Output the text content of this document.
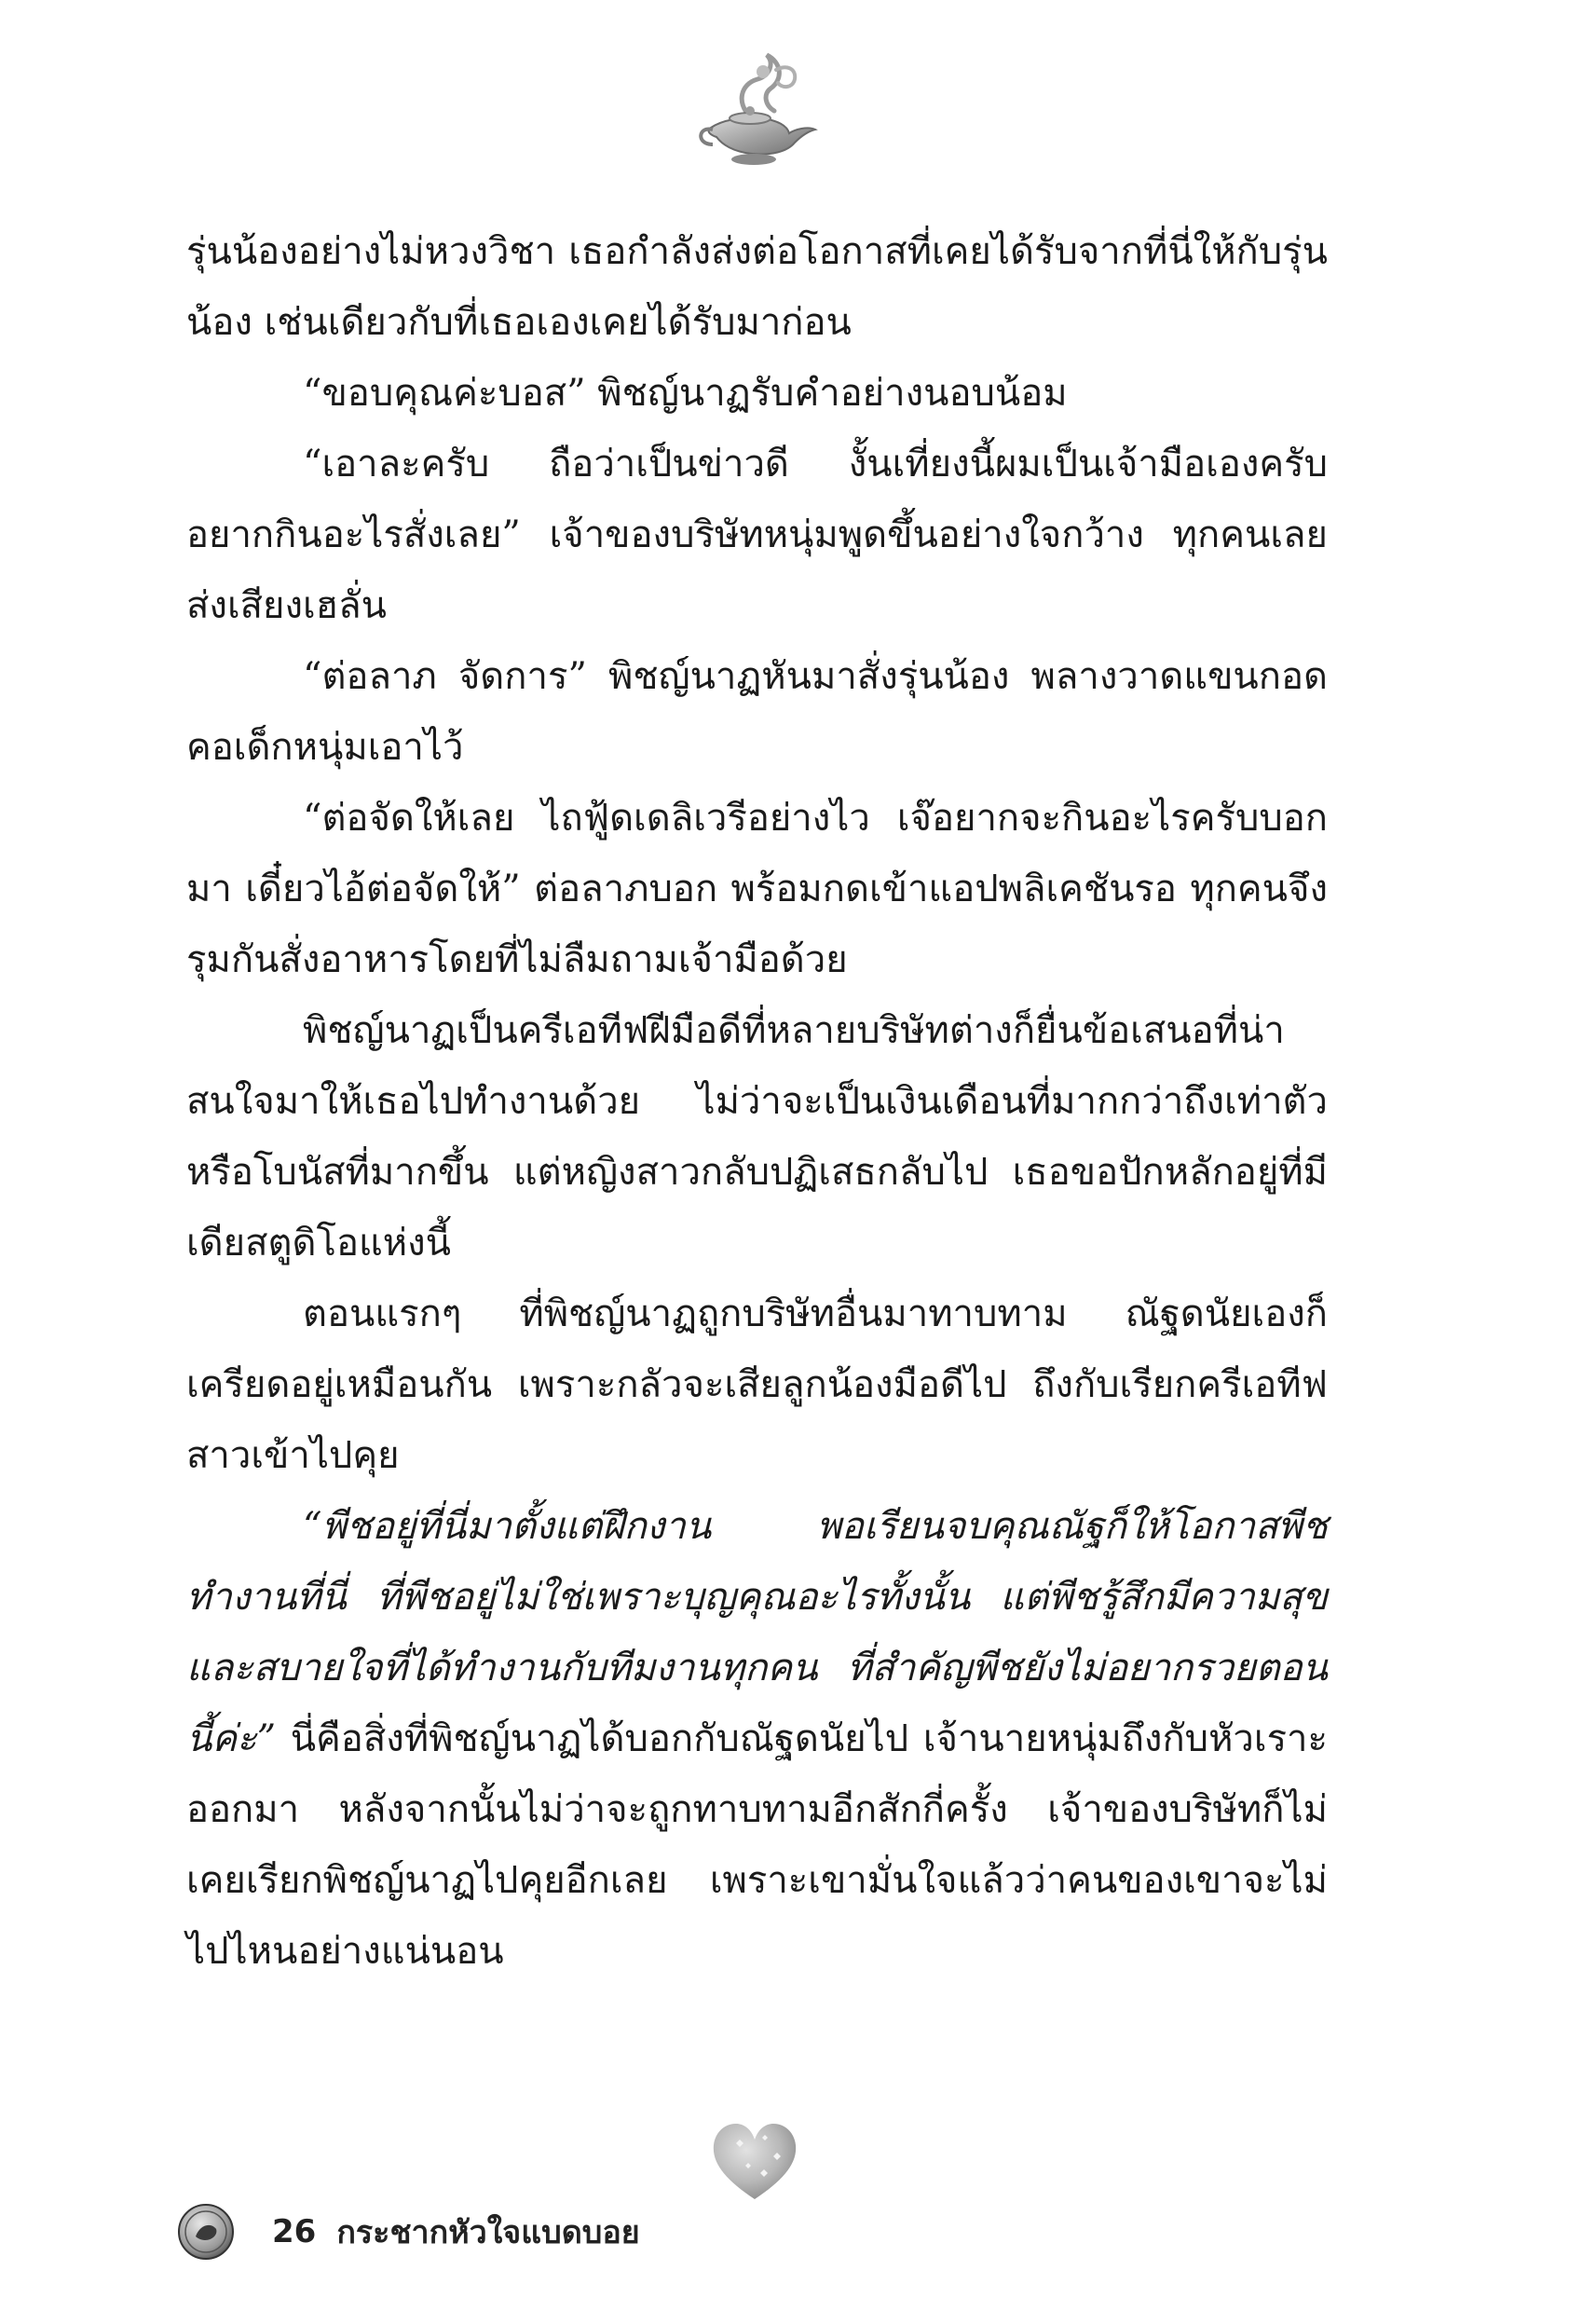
รุ่นน้องอย่างไม่หวงวิชา เธอกำลังส่งต่อโอกาสที่เคยได้รับจากที่นี่ให้กับรุ่นน้อง เช่นเดียวกับที่เธอเองเคยได้รับมาก่อน

“ขอบคุณค่ะบอส” พิชญ์นาฏรับคำอย่างนอบน้อม

“เอาละครับ ถือว่าเป็นข่าวดี งั้นเที่ยงนี้ผมเป็นเจ้ามือเองครับ อยากกินอะไรสั่งเลย” เจ้าของบริษัทหนุ่มพูดขึ้นอย่างใจกว้าง ทุกคนเลยส่งเสียงเฮลั่น

“ต่อลาภ จัดการ” พิชญ์นาฏหันมาสั่งรุ่นน้อง พลางวาดแขนกอดคอเด็กหนุ่มเอาไว้

“ต่อจัดให้เลย ไถฟู้ดเดลิเวรีอย่างไว เจ๊อยากจะกินอะไรครับบอกมา เดี๋ยวไอ้ต่อจัดให้” ต่อลาภบอก พร้อมกดเข้าแอปพลิเคชันรอ ทุกคนจึงรุมกันสั่งอาหารโดยที่ไม่ลืมถามเจ้ามือด้วย

พิชญ์นาฏเป็นครีเอทีฟฝีมือดีที่หลายบริษัทต่างก็ยื่นข้อเสนอที่น่าสนใจมาให้เธอไปทำงานด้วย ไม่ว่าจะเป็นเงินเดือนที่มากกว่าถึงเท่าตัว หรือโบนัสที่มากขึ้น แต่หญิงสาวกลับปฏิเสธกลับไป เธอขอปักหลักอยู่ที่มีเดียสตูดิโอแห่งนี้

ตอนแรกๆ ที่พิชญ์นาฏถูกบริษัทอื่นมาทาบทาม ณัฐดนัยเองก็เครียดอยู่เหมือนกัน เพราะกลัวจะเสียลูกน้องมือดีไป ถึงกับเรียกครีเอทีฟสาวเข้าไปคุย

“พีชอยู่ที่นี่มาตั้งแต่ฝึกงาน พอเรียนจบคุณณัฐก็ให้โอกาสพีชทำงานที่นี่ ที่พีชอยู่ไม่ใช่เพราะบุญคุณอะไรทั้งนั้น แต่พีชรู้สึกมีความสุขและสบายใจที่ได้ทำงานกับทีมงานทุกคน ที่สำคัญพีชยังไม่อยากรวยตอนนี้ค่ะ” นี่คือสิ่งที่พิชญ์นาฏได้บอกกับณัฐดนัยไป เจ้านายหนุ่มถึงกับหัวเราะออกมา หลังจากนั้นไม่ว่าจะถูกทาบทามอีกสักกี่ครั้ง เจ้าของบริษัทก็ไม่เคยเรียกพิชญ์นาฏไปคุยอีกเลย เพราะเขามั่นใจแล้วว่าคนของเขาจะไม่ไปไหนอย่างแน่นอน

26 กระชากหัวใจแบดบอย
